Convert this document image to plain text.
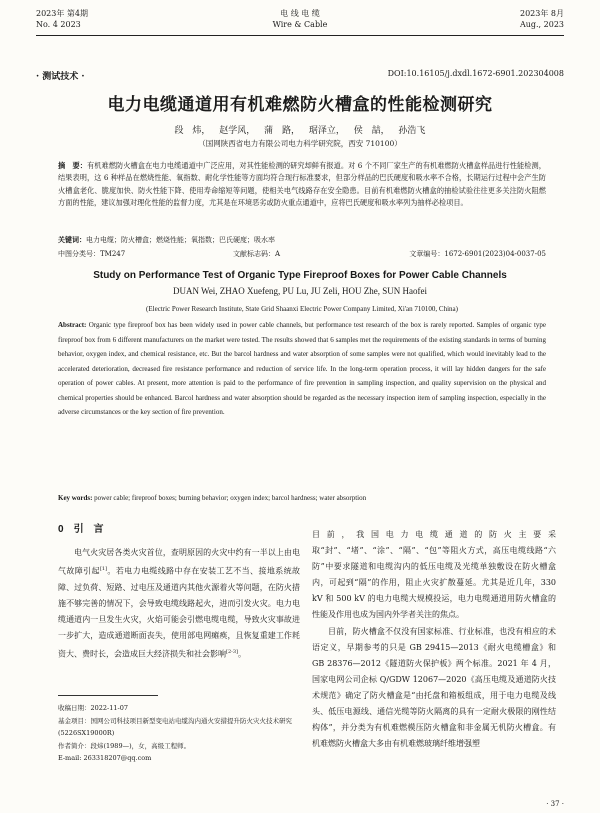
2023年 第4期
No. 4 2023
电 线 电 缆
Wire & Cable
2023年 8月
Aug., 2023
· 测试技术 ·	DOI:10.16105/j.dxdl.1672-6901.202304008
电力电缆通道用有机难燃防火槽盒的性能检测研究
段 炜， 赵学风， 蒲 路， 琚泽立， 侯 喆， 孙浩飞
（国网陕西省电力有限公司电力科学研究院，西安 710100）
摘　要：有机难燃防火槽盒在电力电缆通道中广泛应用，对其性能检测的研究却鲜有报道。对 6 个不同厂家生产的有机难燃防火槽盒样品进行性能检测，结果表明，这 6 种样品在燃烧性能、氧指数、耐化学性能等方面均符合现行标准要求，但部分样品的巴氏硬度和吸水率不合格，长期运行过程中会产生防火槽盒老化、脆度加快、防火性能下降、使用寿命缩短等问题，使相关电气线路存在安全隐患。目前有机难燃防火槽盒的抽检试验往往更多关注防火阻燃方面的性能，建议加强对理化性能的监督力度，尤其是在环境恶劣或防火重点通道中，应将巴氏硬度和吸水率列为抽样必检项目。
关键词：电力电缆；防火槽盒；燃烧性能；氧指数；巴氏硬度；吸水率
中图分类号：TM247	文献标志码：A	文章编号：1672-6901(2023)04-0037-05
Study on Performance Test of Organic Type Fireproof Boxes for Power Cable Channels
DUAN Wei, ZHAO Xuefeng, PU Lu, JU Zeli, HOU Zhe, SUN Haofei
(Electric Power Research Institute, State Grid Shaanxi Electric Power Company Limited, Xi'an 710100, China)
Abstract: Organic type fireproof box has been widely used in power cable channels, but performance test research of the box is rarely reported. Samples of organic type fireproof box from 6 different manufacturers on the market were tested. The results showed that 6 samples met the requirements of the existing standards in terms of burning behavior, oxygen index, and chemical resistance, etc. But the barcol hardness and water absorption of some samples were not qualified, which would inevitably lead to the accelerated deterioration, decreased fire resistance performance and reduction of service life. In the long-term operation process, it will lay hidden dangers for the safe operation of power cables. At present, more attention is paid to the performance of fire prevention in sampling inspection, and quality supervision on the physical and chemical properties should be enhanced. Barcol hardness and water absorption should be regarded as the necessary inspection item of sampling inspection, especially in the adverse circumstances or the key section of fire prevention.
Key words: power cable; fireproof boxes; burning behavior; oxygen index; barcol hardness; water absorption
0  引　言

电气火灾居各类火灾首位，查明原因的火灾中约有一半以上由电气故障引起[1]。若电力电缆线路中存在安装工艺不当、接地系统故障、过负荷、短路、过电压及通道内其他火源着火等问题，在防火措施不够完善的情况下，会导致电缆线路起火，进而引发火灾。电力电缆通道内一旦发生火灾，火焰可能会引燃电缆电缆，导致火灾事故进一步扩大，造成通道断面丧失，使用部电网瘫痪，且恢复重建工作耗资大、费时长，会造成巨大经济损失和社会影响[2-3]。

目前，我国电力电缆通道的防火主要采取“封”、“堵”、“涂”、“隔”、“包”等阻火方式，高压电缆线路“六防”中要求隧道和电缆沟内的低压电缆及光缆单独敷设在防火槽盒内，可起到“隔”的作用，阻止火灾扩散蔓延。尤其是近几年，330 kV 和 500 kV 的电力电缆大规模投运，电力电缆通道用防火槽盒的性能及作用也成为国内外学者关注的焦点。

目前，防火槽盒不仅没有国家标准、行业标准，也没有相应的术语定义，早期参考的只是 GB 29415—2013《耐火电缆槽盒》和 GB 28376—2012《隧道防火保护板》两个标准。2021 年 4 月，国家电网公司企标 Q/GDW 12067—2020《高压电缆及通道防火技术规范》确定了防火槽盒是“由托盘和箱板组成，用于电力电缆及线头、低压电源线、通信光缆等防火隔离的具有一定耐火极限的刚性结构体”，并分类为有机难燃模压防火槽盒和非金属无机防火槽盒。有机难燃防火槽盒大多由有机难燃玻璃纤维增强塑

收稿日期：2022-11-07
基金项目：国网公司科技项目新型变电站电缆沟内通火安措提升防火灾火技术研究(5226SX19000R)
作者简介：段炜(1989—)，女，高级工程师。
E-mail: 263318207@qq.com
· 37 ·
